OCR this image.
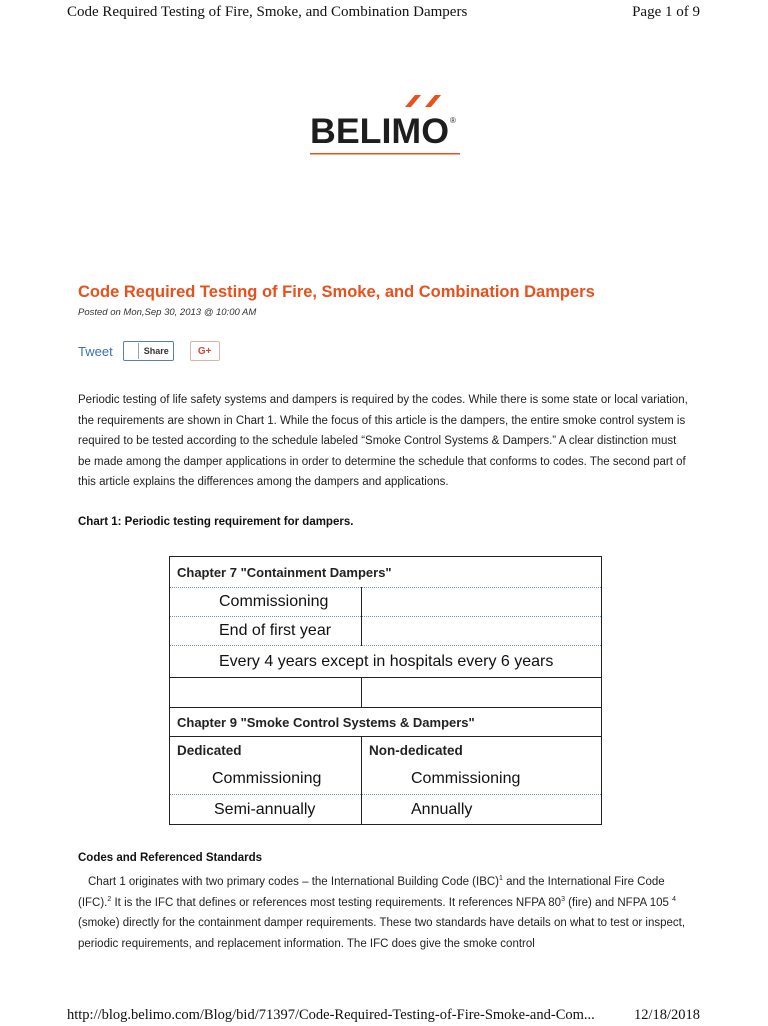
Code Required Testing of Fire, Smoke, and Combination Dampers	Page 1 of 9
BELIMO ®
Code Required Testing of Fire, Smoke, and Combination Dampers
Posted on Mon,Sep 30, 2013 @ 10:00 AM
Tweet	Share	G+

Periodic testing of life safety systems and dampers is required by the codes. While there is some state or local variation, the requirements are shown in Chart 1. While the focus of this article is the dampers, the entire smoke control system is required to be tested according to the schedule labeled “Smoke Control Systems & Dampers.” A clear distinction must be made among the damper applications in order to determine the schedule that conforms to codes. The second part of this article explains the differences among the dampers and applications.

Chart 1: Periodic testing requirement for dampers.
Chapter 7 "Containment Dampers"	
Commissioning	
End of first year	
Every 4 years except in hospitals every 6 years	

Chapter 9 "Smoke Control Systems & Dampers"	
Dedicated	Non-dedicated
Commissioning	Commissioning
Semi-annually	Annually
Codes and Referenced Standards

Chart 1 originates with two primary codes – the International Building Code (IBC)$^1$ and the International Fire Code (IFC).$^2$ It is the IFC that defines or references most testing requirements. It references NFPA $80^3$ (fire) and NFPA 105 $^4$ (smoke) directly for the containment damper requirements. These two standards have details on what to test or inspect, periodic requirements, and replacement information. The IFC does give the smoke control

http://blog.belimo.com/Blog/bid/71397/Code-Required-Testing-of-Fire-Smoke-and-Com...	12/18/2018
